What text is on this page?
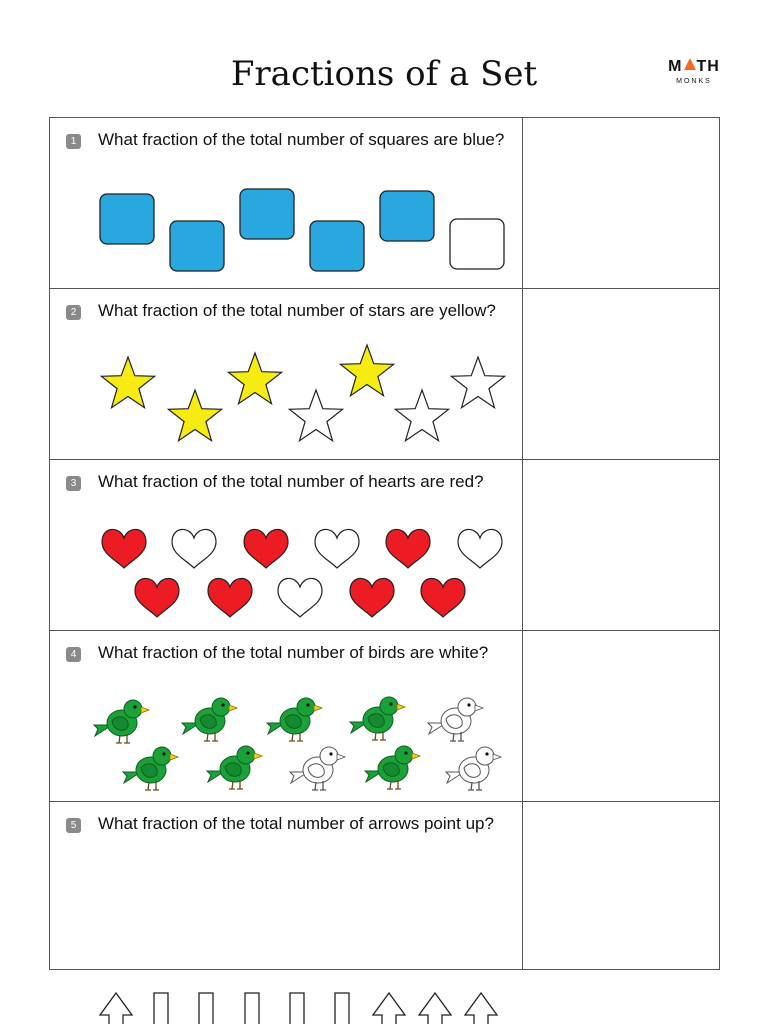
Fractions of a Set	M TH
MONKS
1 What fraction of the total number of squares are blue?
2 What fraction of the total number of stars are yellow?
3 What fraction of the total number of hearts are red?
4 What fraction of the total number of birds are white?
5 What fraction of the total number of arrows point up?
